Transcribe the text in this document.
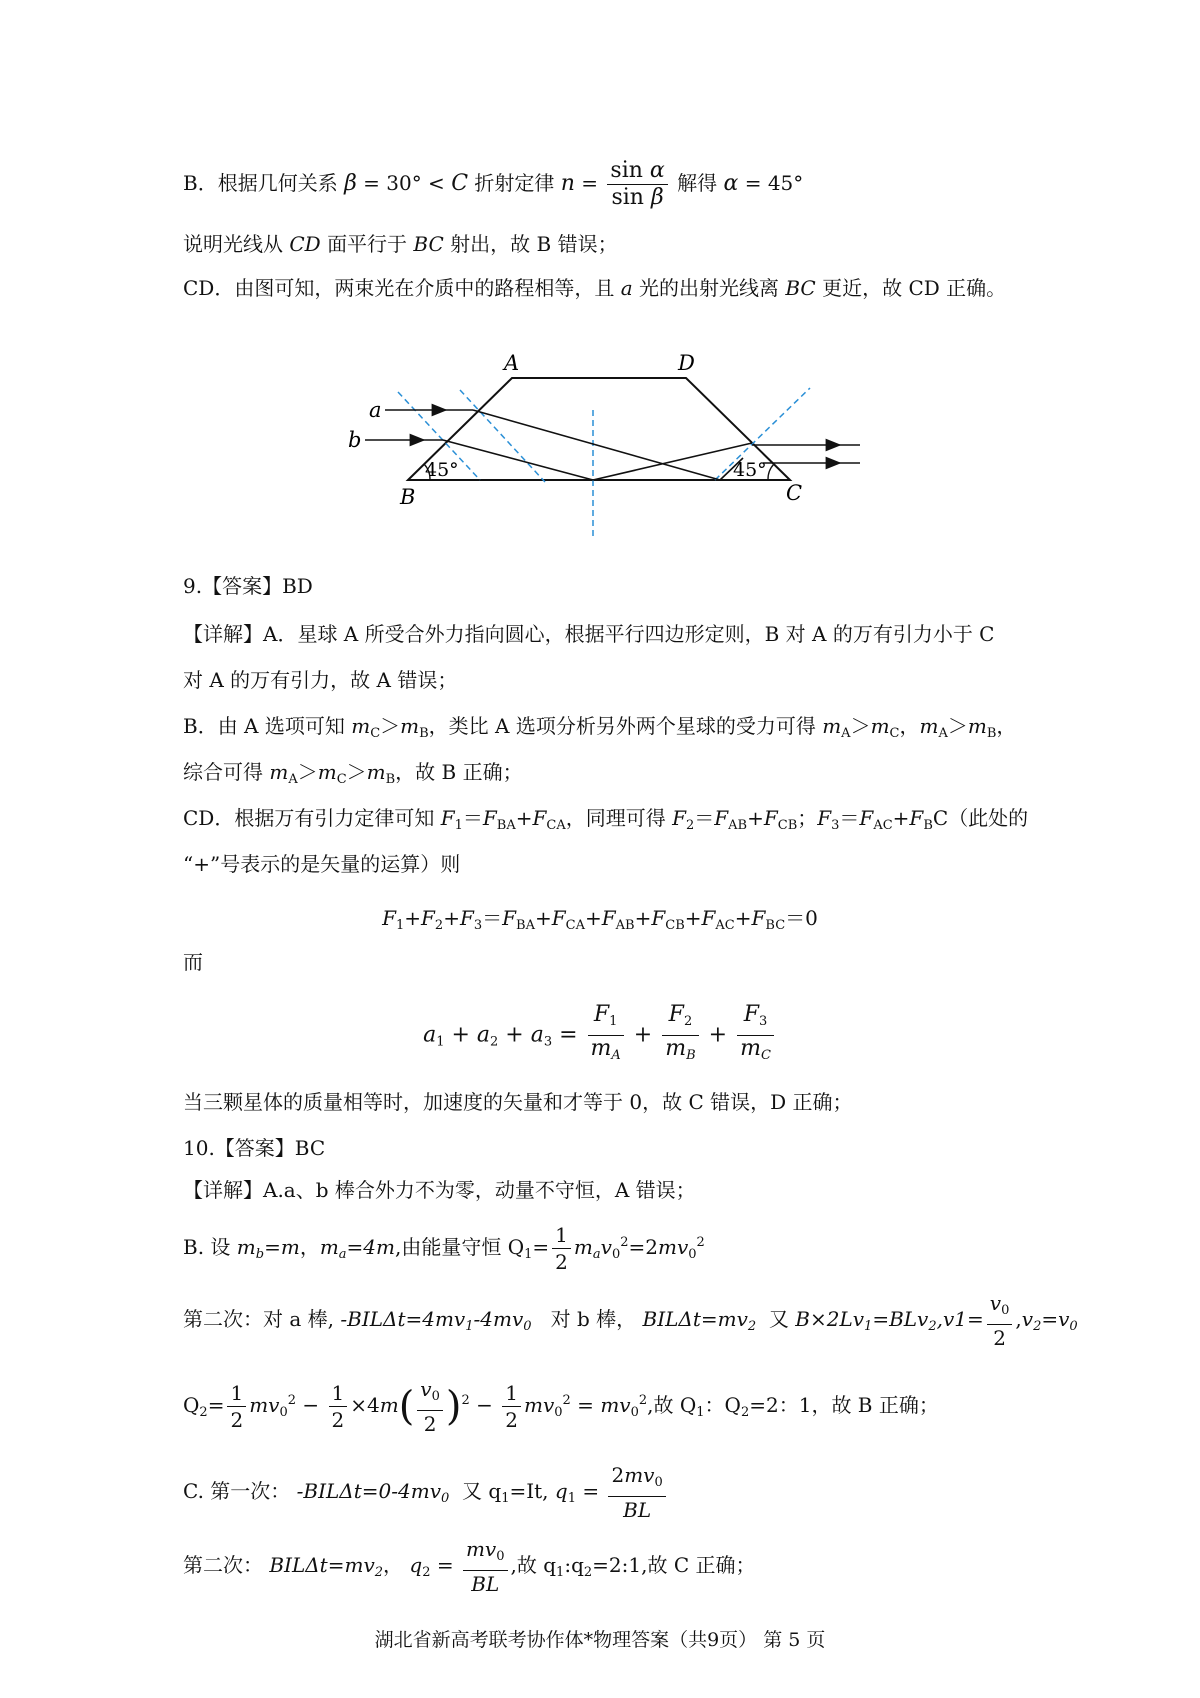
B．根据几何关系 β = 30° < C 折射定律 $n = \frac{\text{sin α}}{\text{sin β}}$ 解得 α = 45°
说明光线从 CD 面平行于 BC 射出，故 B 错误；
CD．由图可知，两束光在介质中的路程相等，且 a 光的出射光线离 BC 更近，故 CD 正确。
a
b
A	D
B	C
45°	45°
9.【答案】BD
【详解】A．星球 A 所受合外力指向圆心，根据平行四边形定则，B 对 A 的万有引力小于 C
对 A 的万有引力，故 A 错误；
B．由 A 选项可知 $m_C>m_B$，类比 A 选项分析另外两个星球的受力可得 $m_A>m_C$，$m_A>m_B$，
综合可得 $m_A>m_C>m_B$，故 B 正确；
CD．根据万有引力定律可知 $F_1=F_{BA}+F_{CA}$，同理可得 $F_2=F_{AB}+F_{CB}$；$F_3=F_{AC}+F_BC$（此处的
“+”号表示的是矢量的运算）则
$F_1+F_2+F_3=F_{BA}+F_{CA}+F_{AB}+F_{CB}+F_{AC}+F_{BC}=0$
而
$a_1 + a_2 + a_3 = \frac{F_1}{m_A} + \frac{F_2}{m_B} + \frac{F_3}{m_C}$
当三颗星体的质量相等时，加速度的矢量和才等于 0，故 C 错误，D 正确；
10.【答案】BC
【详解】A.a、b 棒合外力不为零，动量不守恒，A 错误；
B. 设 $m_b=m$，$m_a=4m$,由能量守恒 $Q_1= \frac{1}{2} m_av_0^2=2mv_0^2$
第二次：对 a 棒, $-BIL\Delta t=4mv_1-4mv_0$ 对 b 棒， $BIL\Delta t=mv_2$ 又 $B\times 2Lv_1=BLv_2,v1= \frac{v_0}{2} ,v_2=v_0$
$Q_2= \frac{1}{2} mv_0^2 - \frac{1}{2} \times 4m( \frac{v_0}{2} )^2 - \frac{1}{2} mv_0^2 = mv_0^2$,故 $Q_1$：$Q_2=2$：1，故 B 正确；
C. 第一次： $-BIL\Delta t=0-4mv_0$ 又 $q_1=It$, $q_1 = \frac{2mv_0}{BL}$
第二次： $BIL\Delta t=mv_2$， $q_2 = \frac{mv_0}{BL}$ ,故 $q_1:q_2=2:1$,故 C 正确；
湖北省新高考联考协作体*物理答案（共9页） 第 5 页
